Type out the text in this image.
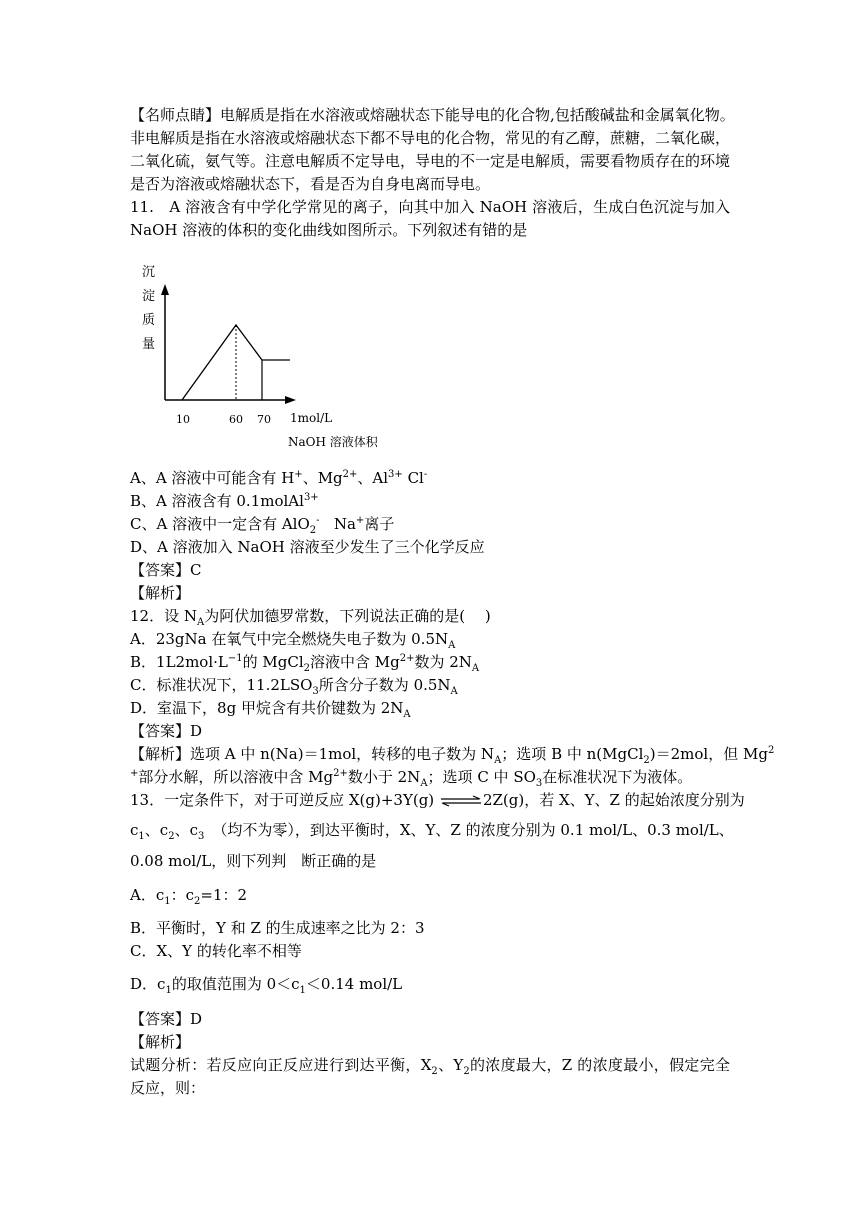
【名师点睛】电解质是指在水溶液或熔融状态下能导电的化合物,包括酸碱盐和金属氧化物。
非电解质是指在水溶液或熔融状态下都不导电的化合物，常见的有乙醇，蔗糖，二氧化碳，
二氧化硫，氨气等。注意电解质不定导电，导电的不一定是电解质，需要看物质存在的环境
是否为溶液或熔融状态下，看是否为自身电离而导电。
11.　A 溶液含有中学化学常见的离子，向其中加入 NaOH 溶液后，生成白色沉淀与加入
NaOH 溶液的体积的变化曲线如图所示。下列叙述有错的是
沉
淀
质
量
10	60 70 1mol/L
NaOH 溶液体积
A、A 溶液中可能含有 H+、$Mg^{2+}$、$Al^{3+}$ Cl-
B、A 溶液含有 0.1molAl$^{3+}$
C、A 溶液中一定含有 AlO$_2$-   Na+离子
D、A 溶液加入 NaOH 溶液至少发生了三个化学反应
【答案】C
【解析】
12．设 $N_A$为阿伏加德罗常数，下列说法正确的是(　 )
A．23gNa 在氧气中完全燃烧失电子数为 $0.5N_A$
B．$1L2mol\cdot L^{-1}$的 MgCl$_2$溶液中含 $Mg^{2+}$数为 $2N_A$
C．标准状况下，$11.2LSO_3$所含分子数为 $0.5N_A$
D．室温下，8g 甲烷含有共价键数为 $2N_A$
【答案】D
【解析】选项 A 中 n(Na)＝1mol，转移的电子数为 $N_A$；选项 B 中 n(MgCl$_2$)＝2mol，但 Mg$^2$
+部分水解，所以溶液中含 $Mg^{2+}$数小于 $2N_A$；选项 C 中 $SO_3$在标准状况下为液体。
13．一定条件下，对于可逆反应 X(g)+3Y(g) ⇌2Z(g)，若 X、Y、Z 的起始浓度分别为
$c_1$、$c_2$、$c_3$ （均不为零），到达平衡时，X、Y、Z 的浓度分别为 0.1 mol/L、0.3 mol/L、
0.08 mol/L，则下列判　断正确的是
A．$c_1$：$c_2=1$：2
B．平衡时，Y 和 Z 的生成速率之比为 2：3
C．X、Y 的转化率不相等
D．$c_1$的取值范围为 $0<c_1<0.14$ mol/L
【答案】D
【解析】
试题分析：若反应向正反应进行到达平衡，$X_2$、$Y_2$的浓度最大，Z 的浓度最小，假定完全
反应，则：
